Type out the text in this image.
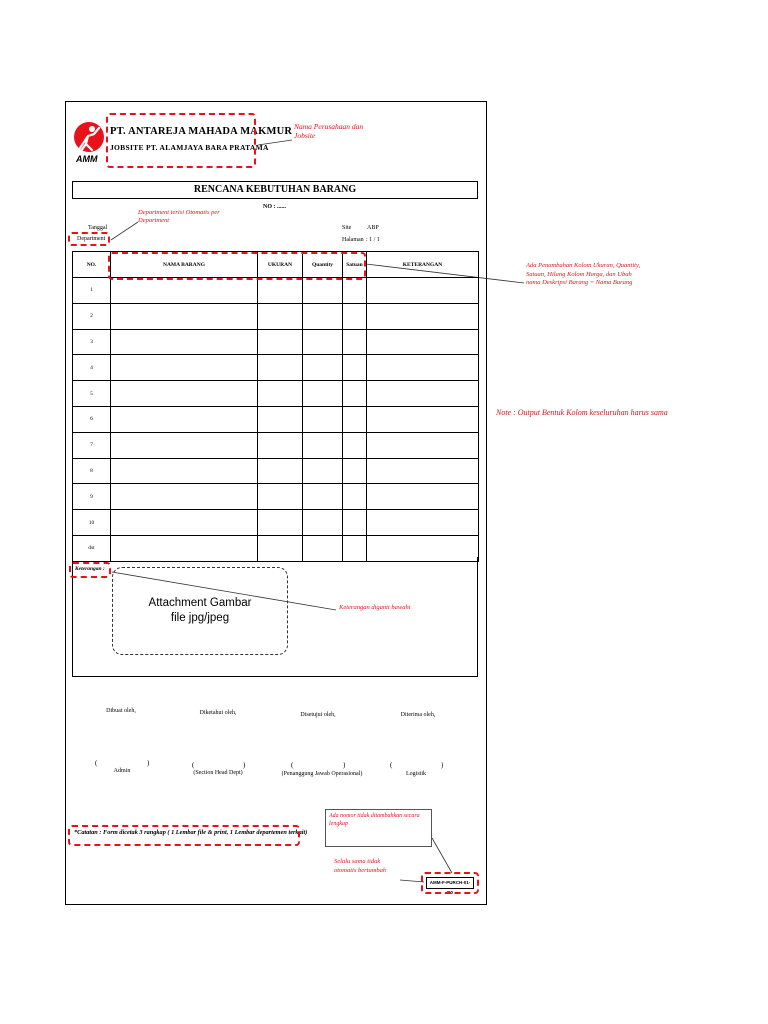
AMM
PT. ANTAREJA MAHADA MAKMUR
JOBSITE PT. ALAMJAYA BARA PRATAMA
Nama Perusahaan dan Jobsite
RENCANA KEBUTUHAN BARANG
NO : ......
Department terisi Otomatis per Department
Tanggal
Department
Site	ABP
Halaman : 1 / 1
NO.	NAMA BARANG	UKURAN	Quantity	Satuan	KETERANGAN
1					
2					
3					
4					
5					
6					
7					
8					
9					
10					
dst					
Ada Penambahan Kolom Ukuran, Quantity, Satuan, Hilang Kolom Harga, dan Ubah nama Deskripsi Barang = Nama Barang
Note : Output Bentuk Kolom keseluruhan harus sama
Keterangan :
Attachment Gambar
file jpg/jpeg
Keterangan diganti bawahi
Dibuat oleh,	Diketahui oleh,	Disetujui oleh,	Diterima oleh,
(	)	(	)	(	)	(	)
Admin	(Section Head Dept)	(Penanggung Jawab Operasional)	Logistik
Ada nomor tidak ditambahkan secara lengkap
*Catatan : Form dicetak 3 rangkap ( 1 Lembar file & print, 1 Lembar departemen terkait)
Selalu sama tidak otomatis bertambah
AMM-F-PURCH-01-R0
